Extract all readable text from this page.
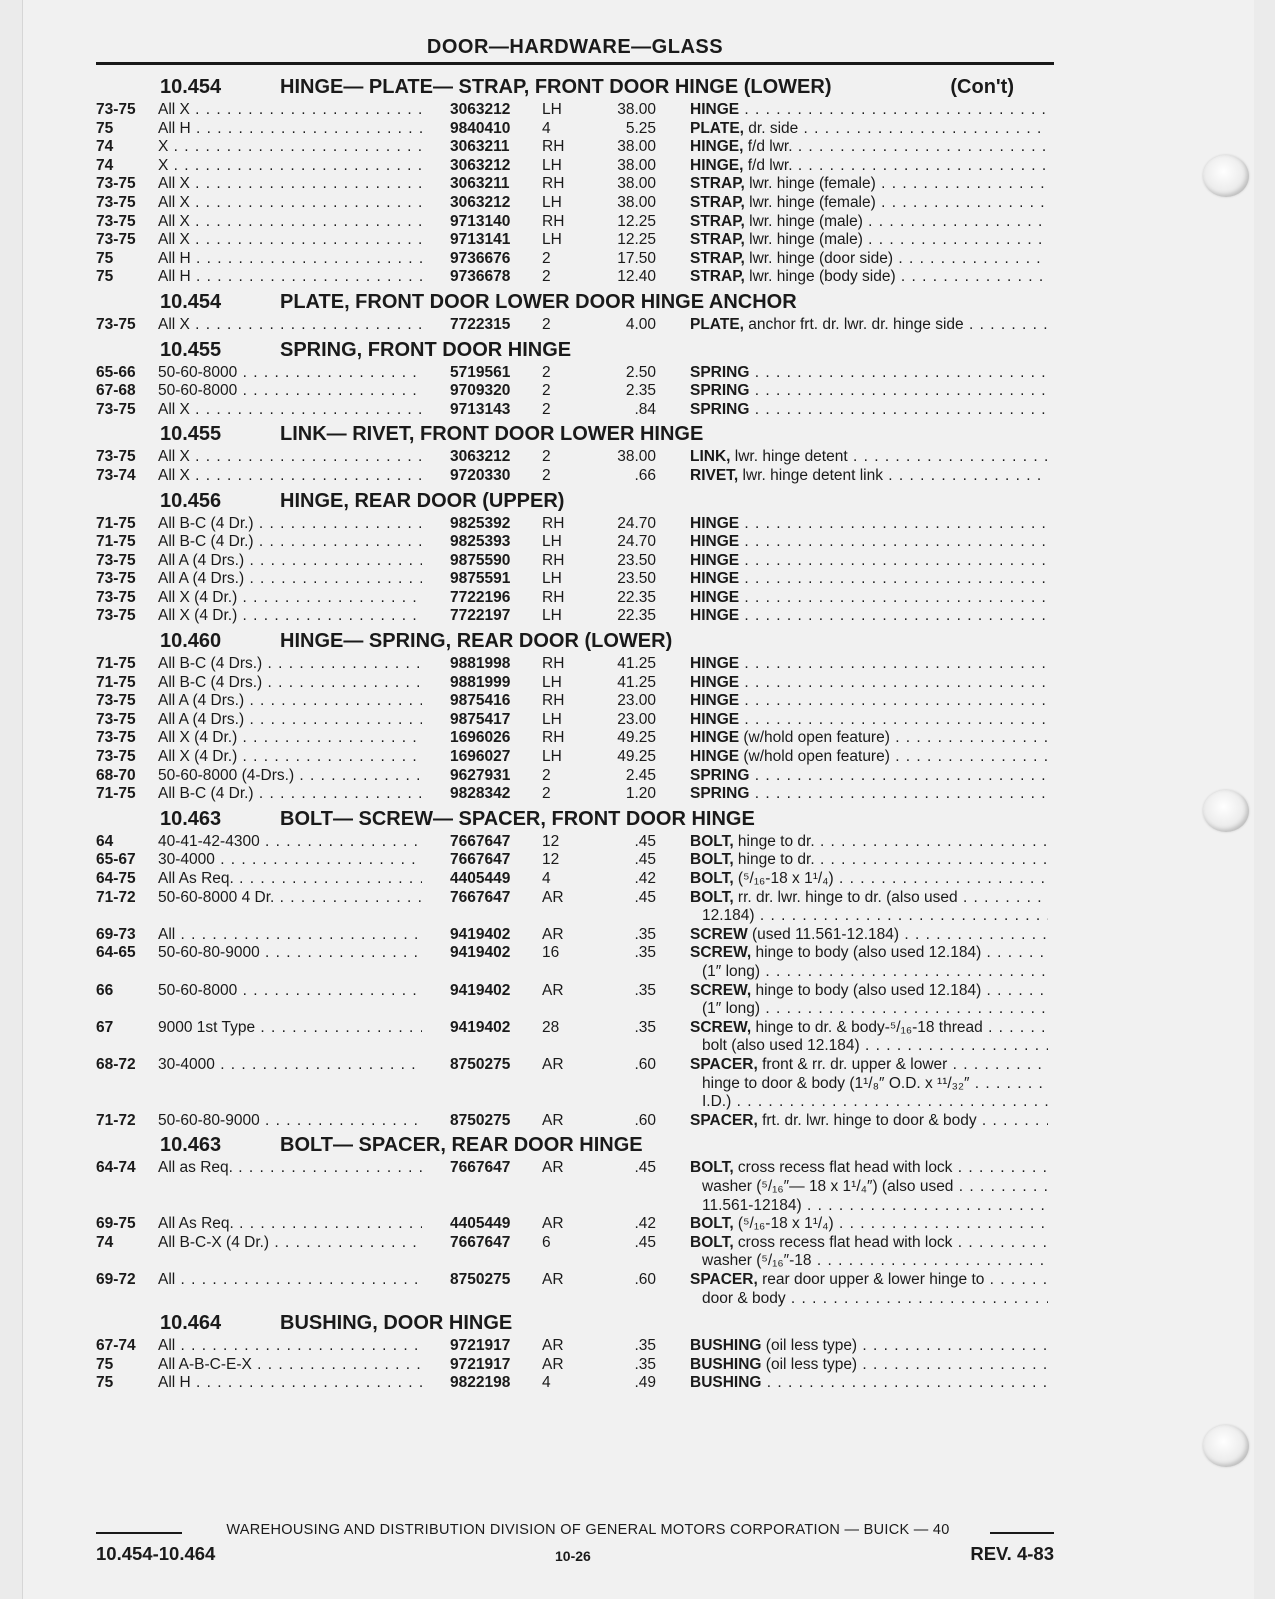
DOOR—HARDWARE—GLASS
10.454	HINGE— PLATE— STRAP, FRONT DOOR HINGE (LOWER)	(Con't)
73-75 All X . . .	3063212 LH	38.00 HINGE . . .
75	All H . . .	9840410 4	5.25 PLATE, dr. side . . .
74	X . . .	3063211 RH	38.00 HINGE, f/d lwr. . . .
74	X . . .	3063212 LH	38.00 HINGE, f/d lwr. . . .
73-75 All X . . .	3063211 RH	38.00 STRAP, lwr. hinge (female) . . .
73-75 All X . . .	3063212 LH	38.00 STRAP, lwr. hinge (female) . . .
73-75 All X . . .	9713140 RH	12.25 STRAP, lwr. hinge (male) . . .
73-75 All X . . .	9713141 LH	12.25 STRAP, lwr. hinge (male) . . .
75	All H . . .	9736676 2	17.50 STRAP, lwr. hinge (door side) . . .
75	All H . . .	9736678 2	12.40 STRAP, lwr. hinge (body side) . . .
10.454	PLATE, FRONT DOOR LOWER DOOR HINGE ANCHOR
73-75 All X . . .	7722315 2	4.00 PLATE, anchor frt. dr. lwr. dr. hinge side . . .
10.455	SPRING, FRONT DOOR HINGE
65-66 50-60-8000 . . .	5719561 2	2.50 SPRING . . .
67-68 50-60-8000 . . .	9709320 2	2.35 SPRING . . .
73-75 All X . . .	9713143 2	.84 SPRING . . .
10.455	LINK— RIVET, FRONT DOOR LOWER HINGE
73-75 All X . . .	3063212 2	38.00 LINK, lwr. hinge detent . . .
73-74 All X . . .	9720330 2	.66 RIVET, lwr. hinge detent link . . .
10.456	HINGE, REAR DOOR (UPPER)
71-75 All B-C (4 Dr.) . . .	9825392 RH	24.70 HINGE . . .
71-75 All B-C (4 Dr.) . . .	9825393 LH	24.70 HINGE . . .
73-75 All A (4 Drs.) . . .	9875590 RH	23.50 HINGE . . .
73-75 All A (4 Drs.) . . .	9875591 LH	23.50 HINGE . . .
73-75 All X (4 Dr.) . . .	7722196 RH	22.35 HINGE . . .
73-75 All X (4 Dr.) . . .	7722197 LH	22.35 HINGE . . .
10.460	HINGE— SPRING, REAR DOOR (LOWER)
71-75 All B-C (4 Drs.) . . .	9881998 RH	41.25 HINGE . . .
71-75 All B-C (4 Drs.) . . .	9881999 LH	41.25 HINGE . . .
73-75 All A (4 Drs.) . . .	9875416 RH	23.00 HINGE . . .
73-75 All A (4 Drs.) . . .	9875417 LH	23.00 HINGE . . .
73-75 All X (4 Dr.) . . .	1696026 RH	49.25 HINGE (w/hold open feature) . . .
73-75 All X (4 Dr.) . . .	1696027 LH	49.25 HINGE (w/hold open feature) . . .
68-70 50-60-8000 (4-Drs.) . . .	9627931 2	2.45 SPRING . . .
71-75 All B-C (4 Dr.) . . .	9828342 2	1.20 SPRING . . .
10.463	BOLT— SCREW— SPACER, FRONT DOOR HINGE
64	40-41-42-4300 . . .	7667647 12	.45 BOLT, hinge to dr. . . .
65-67 30-4000 . . .	7667647 12	.45 BOLT, hinge to dr. . . .
64-75 All As Req. . . .	4405449 4	.42 BOLT, (⁵/₁₆-18 x 1¹/₄) . . .
71-72 50-60-8000 4 Dr. . . .	7667647 AR	.45 BOLT, rr. dr. lwr. hinge to dr. (also used . . .
12.184) . . .
69-73 All . . .	9419402 AR	.35 SCREW (used 11.561-12.184) . . .
64-65 50-60-80-9000 . . .	9419402 16	.35 SCREW, hinge to body (also used 12.184) . . .
(1″ long) . . .
66	50-60-8000 . . .	9419402 AR	.35 SCREW, hinge to body (also used 12.184) . . .
(1″ long) . . .
67	9000 1st Type . . .	9419402 28	.35 SCREW, hinge to dr. & body-⁵/₁₆-18 thread . . .
bolt (also used 12.184) . . .
68-72 30-4000 . . .	8750275 AR	.60 SPACER, front & rr. dr. upper & lower . . .
hinge to door & body (1¹/₈″ O.D. x ¹¹/₃₂″ . . .
I.D.) . . .
71-72 50-60-80-9000 . . .	8750275 AR	.60 SPACER, frt. dr. lwr. hinge to door & body . . .
10.463	BOLT— SPACER, REAR DOOR HINGE
64-74 All as Req. . . .	7667647 AR	.45 BOLT, cross recess flat head with lock . . .
washer (⁵/₁₆″— 18 x 1¹/₄″) (also used . . .
11.561-12184) . . .
69-75 All As Req. . . .	4405449 AR	.42 BOLT, (⁵/₁₆-18 x 1¹/₄) . . .
74	All B-C-X (4 Dr.) . . .	7667647 6	.45 BOLT, cross recess flat head with lock . . .
washer (⁵/₁₆″-18 . . .
69-72 All . . .	8750275 AR	.60 SPACER, rear door upper & lower hinge to . . .
door & body . . .
10.464	BUSHING, DOOR HINGE
67-74 All . . .	9721917 AR	.35 BUSHING (oil less type) . . .
75	All A-B-C-E-X . . .	9721917 AR	.35 BUSHING (oil less type) . . .
75	All H . . .	9822198 4	.49 BUSHING . . .
WAREHOUSING AND DISTRIBUTION DIVISION OF GENERAL MOTORS CORPORATION — BUICK — 40
10.454-10.464	10-26	REV. 4-83
